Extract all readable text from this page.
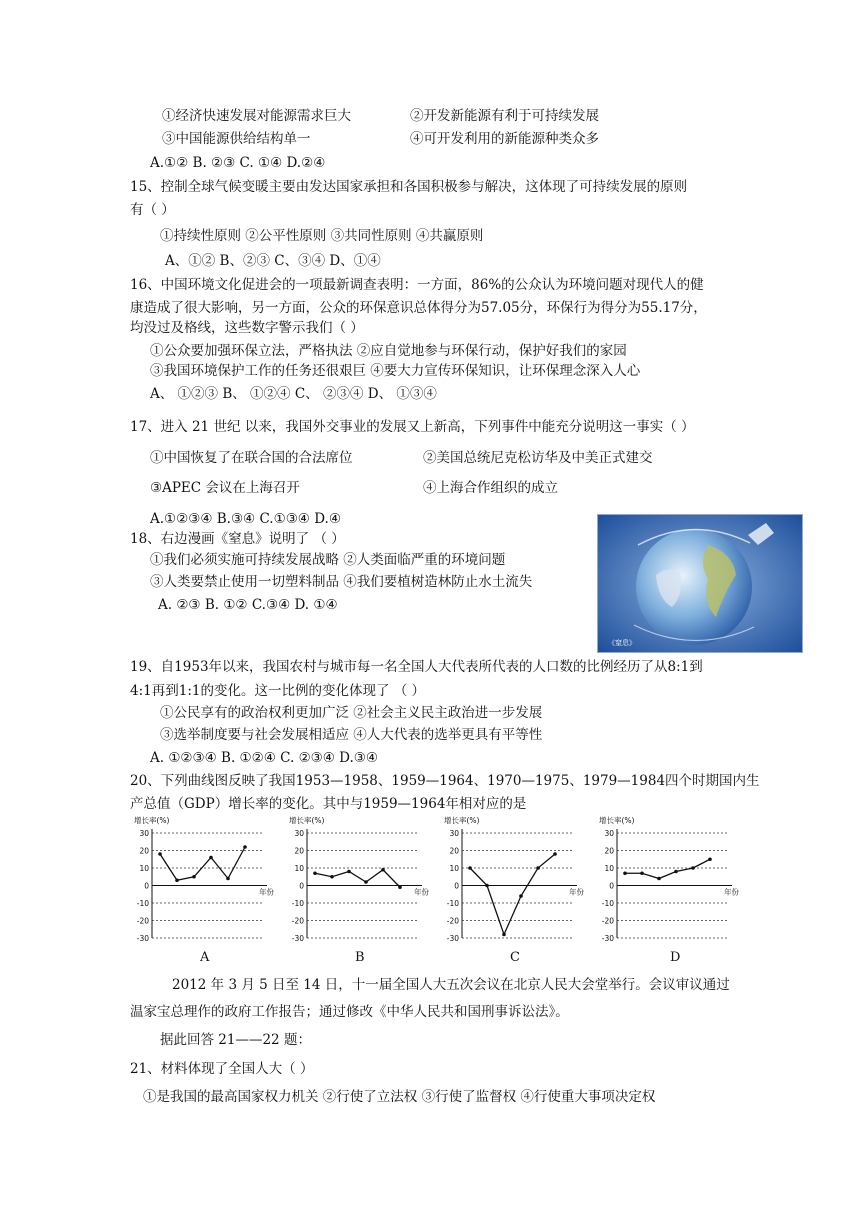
①经济快速发展对能源需求巨大	②开发新能源有利于可持续发展
③中国能源供给结构单一	④可开发利用的新能源种类众多
A.①② B. ②③ C. ①④ D.②④
15、控制全球气候变暖主要由发达国家承担和各国积极参与解决，这体现了可持续发展的原则
有（ ）
①持续性原则 ②公平性原则 ③共同性原则 ④共赢原则
A、①② B、②③ C、③④ D、①④
16、中国环境文化促进会的一项最新调查表明：一方面，86%的公众认为环境问题对现代人的健
康造成了很大影响，另一方面，公众的环保意识总体得分为57.05分，环保行为得分为55.17分，
均没过及格线，这些数字警示我们（ ）
①公众要加强环保立法，严格执法 ②应自觉地参与环保行动，保护好我们的家园
③我国环境保护工作的任务还很艰巨 ④要大力宣传环保知识，让环保理念深入人心
A、 ①②③ B、 ①②④ C、 ②③④ D、 ①③④
17、进入 21 世纪 以来，我国外交事业的发展又上新高，下列事件中能充分说明这一事实（ ）
①中国恢复了在联合国的合法席位	②美国总统尼克松访华及中美正式建交
③APEC 会议在上海召开	④上海合作组织的成立
A.①②③④ B.③④ C.①③④ D.④
18、右边漫画《窒息》说明了 （ ）
①我们必须实施可持续发展战略 ②人类面临严重的环境问题
③人类要禁止使用一切塑料制品 ④我们要植树造林防止水土流失
A. ②③ B. ①② C.③④ D. ①④
《窒息》
19、自1953年以来，我国农村与城市每一名全国人大代表所代表的人口数的比例经历了从8:1到
4:1再到1:1的变化。这一比例的变化体现了 （ ）
①公民享有的政治权利更加广泛 ②社会主义民主政治进一步发展
③选举制度要与社会发展相适应 ④人大代表的选举更具有平等性
A. ①②③④ B. ①②④ C. ②③④ D.③④
20、下列曲线图反映了我国1953—1958、1959—1964、1970—1975、1979—1984四个时期国内生
产总值（GDP）增长率的变化。其中与1959—1964年相对应的是
增长率(%)
30
20
10
0
-10
-20
-30
年份
增长率(%)
30
20
10
0
-10
-20
-30
年份
增长率(%)
30
20
10
0
-10
-20
-30
年份
增长率(%)
30
20
10
0
-10
-20
-30
年份
A	B	C	D
2012 年 3 月 5 日至 14 日，十一届全国人大五次会议在北京人民大会堂举行。会议审议通过
温家宝总理作的政府工作报告；通过修改《中华人民共和国刑事诉讼法》。
据此回答 21——22 题：
21、材料体现了全国人大（ ）
①是我国的最高国家权力机关 ②行使了立法权 ③行使了监督权 ④行使重大事项决定权
